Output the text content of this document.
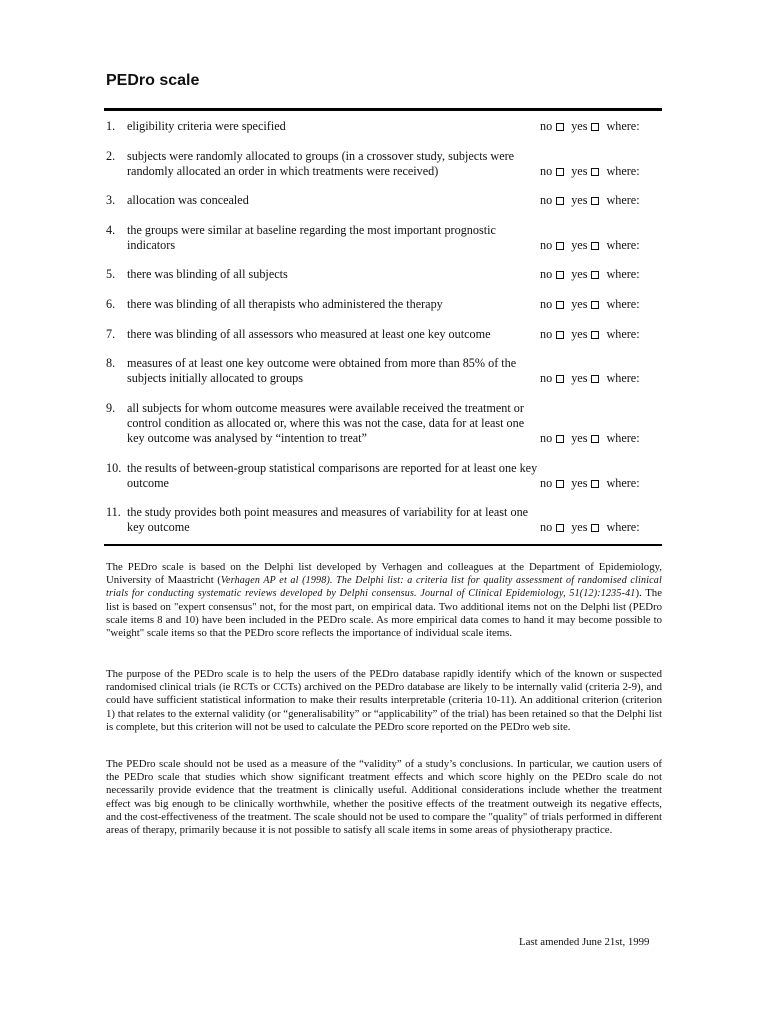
PEDro scale
1. eligibility criteria were specified	no yes where:
2. subjects were randomly allocated to groups (in a crossover study, subjects were randomly allocated an order in which treatments were received)	no yes where:
3. allocation was concealed	no yes where:
4. the groups were similar at baseline regarding the most important prognostic indicators	no yes where:
5. there was blinding of all subjects	no yes where:
6. there was blinding of all therapists who administered the therapy	no yes where:
7. there was blinding of all assessors who measured at least one key outcome	no yes where:
8. measures of at least one key outcome were obtained from more than 85% of the subjects initially allocated to groups	no yes where:
9. all subjects for whom outcome measures were available received the treatment or control condition as allocated or, where this was not the case, data for at least one key outcome was analysed by “intention to treat”	no yes where:
10. the results of between-group statistical comparisons are reported for at least one key outcome	no yes where:
11. the study provides both point measures and measures of variability for at least one key outcome	no yes where:

The PEDro scale is based on the Delphi list developed by Verhagen and colleagues at the Department of Epidemiology, University of Maastricht (Verhagen AP et al (1998). The Delphi list: a criteria list for quality assessment of randomised clinical trials for conducting systematic reviews developed by Delphi consensus. Journal of Clinical Epidemiology, 51(12):1235-41). The list is based on "expert consensus" not, for the most part, on empirical data. Two additional items not on the Delphi list (PEDro scale items 8 and 10) have been included in the PEDro scale. As more empirical data comes to hand it may become possible to "weight" scale items so that the PEDro score reflects the importance of individual scale items.

The purpose of the PEDro scale is to help the users of the PEDro database rapidly identify which of the known or suspected randomised clinical trials (ie RCTs or CCTs) archived on the PEDro database are likely to be internally valid (criteria 2-9), and could have sufficient statistical information to make their results interpretable (criteria 10-11). An additional criterion (criterion 1) that relates to the external validity (or “generalisability” or “applicability” of the trial) has been retained so that the Delphi list is complete, but this criterion will not be used to calculate the PEDro score reported on the PEDro web site.

The PEDro scale should not be used as a measure of the “validity” of a study’s conclusions. In particular, we caution users of the PEDro scale that studies which show significant treatment effects and which score highly on the PEDro scale do not necessarily provide evidence that the treatment is clinically useful. Additional considerations include whether the treatment effect was big enough to be clinically worthwhile, whether the positive effects of the treatment outweigh its negative effects, and the cost-effectiveness of the treatment. The scale should not be used to compare the "quality" of trials performed in different areas of therapy, primarily because it is not possible to satisfy all scale items in some areas of physiotherapy practice.

Last amended June 21st, 1999
